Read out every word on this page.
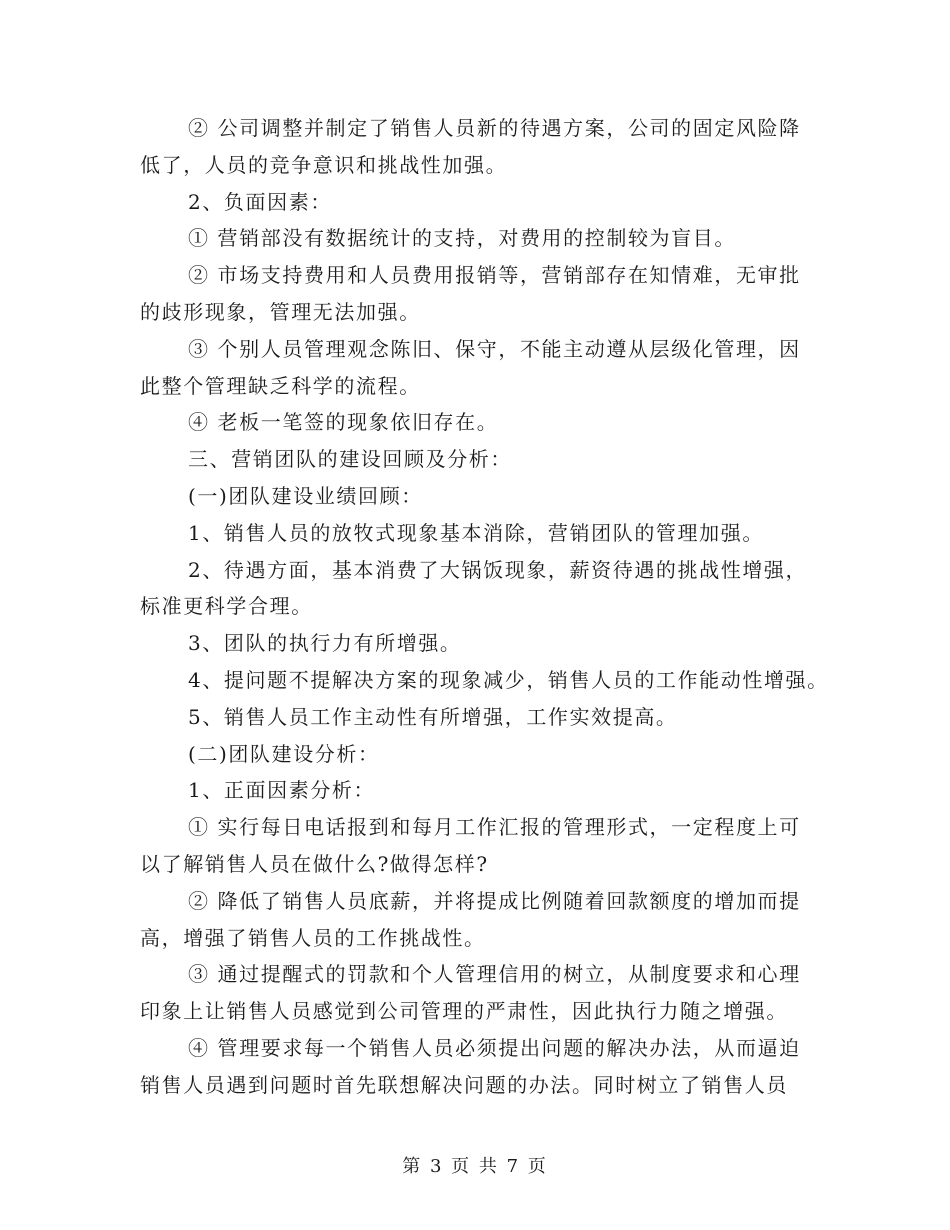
② 公司调整并制定了销售人员新的待遇方案，公司的固定风险降
低了，人员的竞争意识和挑战性加强。
2、负面因素：
① 营销部没有数据统计的支持，对费用的控制较为盲目。
② 市场支持费用和人员费用报销等，营销部存在知情难，无审批
的歧形现象，管理无法加强。
③ 个别人员管理观念陈旧、保守，不能主动遵从层级化管理，因
此整个管理缺乏科学的流程。
④ 老板一笔签的现象依旧存在。
三、营销团队的建设回顾及分析：
(一)团队建设业绩回顾：
1、销售人员的放牧式现象基本消除，营销团队的管理加强。
2、待遇方面，基本消费了大锅饭现象，薪资待遇的挑战性增强，
标准更科学合理。
3、团队的执行力有所增强。
4、提问题不提解决方案的现象减少，销售人员的工作能动性增强。
5、销售人员工作主动性有所增强，工作实效提高。
(二)团队建设分析：
1、正面因素分析：
① 实行每日电话报到和每月工作汇报的管理形式，一定程度上可
以了解销售人员在做什么?做得怎样?
② 降低了销售人员底薪，并将提成比例随着回款额度的增加而提
高，增强了销售人员的工作挑战性。
③ 通过提醒式的罚款和个人管理信用的树立，从制度要求和心理
印象上让销售人员感觉到公司管理的严肃性，因此执行力随之增强。
④ 管理要求每一个销售人员必须提出问题的解决办法，从而逼迫
销售人员遇到问题时首先联想解决问题的办法。同时树立了销售人员
第 3 页 共 7 页
